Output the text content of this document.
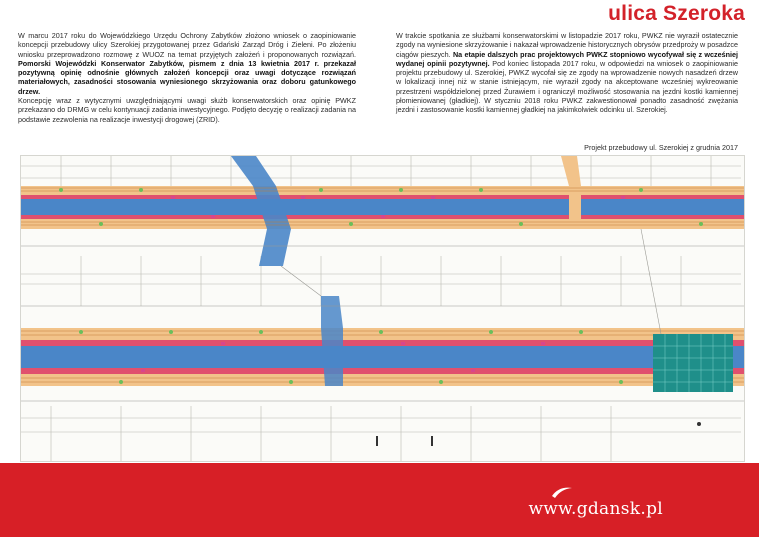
ulica Szeroka

W marcu 2017 roku do Wojewódzkiego Urzędu Ochrony Zabytków złożono wniosek o zaopiniowanie koncepcji przebudowy ulicy Szerokiej przygotowanej przez Gdański Zarząd Dróg i Zieleni. Po złożeniu wniosku przeprowadzono rozmowę z WUOZ na temat przyjętych założeń i proponowanych rozwiązań. Pomorski Wojewódzki Konserwator Zabytków, pismem z dnia 13 kwietnia 2017 r. przekazał pozytywną opinię odnośnie głównych założeń koncepcji oraz uwagi dotyczące rozwiązań materiałowych, zasadności stosowania wyniesionego skrzyżowania oraz doboru gatunkowego drzew.

Koncepcję wraz z wytycznymi uwzględniającymi uwagi służb konserwatorskich oraz opinię PWKZ przekazano do DRMG w celu kontynuacji zadania inwestycyjnego. Podjęto decyzję o realizacji zadania na podstawie zezwolenia na realizacje inwestycji drogowej (ZRID).

W trakcie spotkania ze służbami konserwatorskimi w listopadzie 2017 roku, PWKZ nie wyraził ostatecznie zgody na wyniesione skrzyżowanie i nakazał wprowadzenie historycznych obrysów przedproży w posadzce ciągów pieszych. Na etapie dalszych prac projektowych PWKZ stopniowo wycofywał się z wcześniej wydanej opinii pozytywnej. Pod koniec listopada 2017 roku, w odpowiedzi na wniosek o zaopiniowanie projektu przebudowy ul. Szerokiej, PWKZ wycofał się ze zgody na wprowadzenie nowych nasadzeń drzew w lokalizacji innej niż w stanie istniejącym, nie wyraził zgody na akceptowane wcześniej wykreowanie przestrzeni współdzielonej przed Żurawiem i ograniczył możliwość stosowania na jezdni kostki kamiennej płomieniowanej (gładkiej). W styczniu 2018 roku PWKZ zakwestionował ponadto zasadność zwężania jezdni i zastosowanie kostki kamiennej gładkiej na jakimkolwiek odcinku ul. Szerokiej.

Projekt przebudowy ul. Szerokiej z grudnia 2017
www.gdansk.pl
